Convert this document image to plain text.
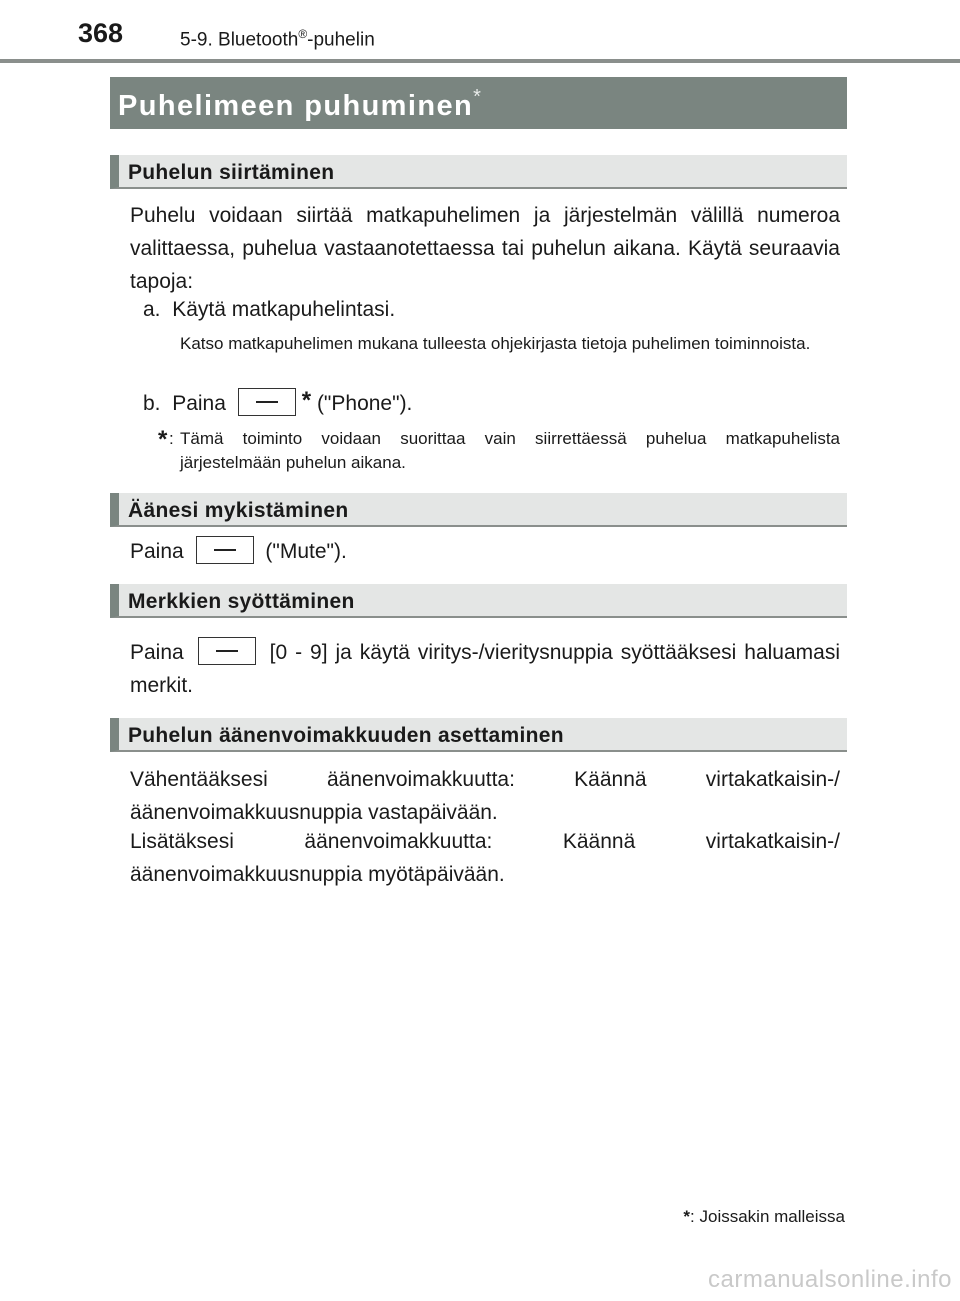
368	5-9. Bluetooth®-puhelin
Puhelimeen puhuminen*
Puhelun siirtäminen
Puhelu voidaan siirtää matkapuhelimen ja järjestelmän välillä numeroa valittaessa, puhelua vastaanotettaessa tai puhelun aikana. Käytä seuraavia tapoja:
a. Käytä matkapuhelintasi.
Katso matkapuhelimen mukana tulleesta ohjekirjasta tietoja puhelimen toiminnoista.
b. Paina	* ("Phone").
* : Tämä toiminto voidaan suorittaa vain siirrettäessä puhelua matkapuhelista järjestelmään puhelun aikana.
Äänesi mykistäminen
Paina	("Mute").
Merkkien syöttäminen
Paina	[0 - 9] ja käytä viritys-/vieritysnuppia syöttääksesi haluamasi merkit.
Puhelun äänenvoimakkuuden asettaminen
Vähentääksesi äänenvoimakkuutta: Käännä virtakatkaisin-/äänenvoimakkuusnuppia vastapäivään.
Lisätäksesi äänenvoimakkuutta: Käännä virtakatkaisin-/äänenvoimakkuusnuppia myötäpäivään.
*: Joissakin malleissa
carmanualsonline.info
